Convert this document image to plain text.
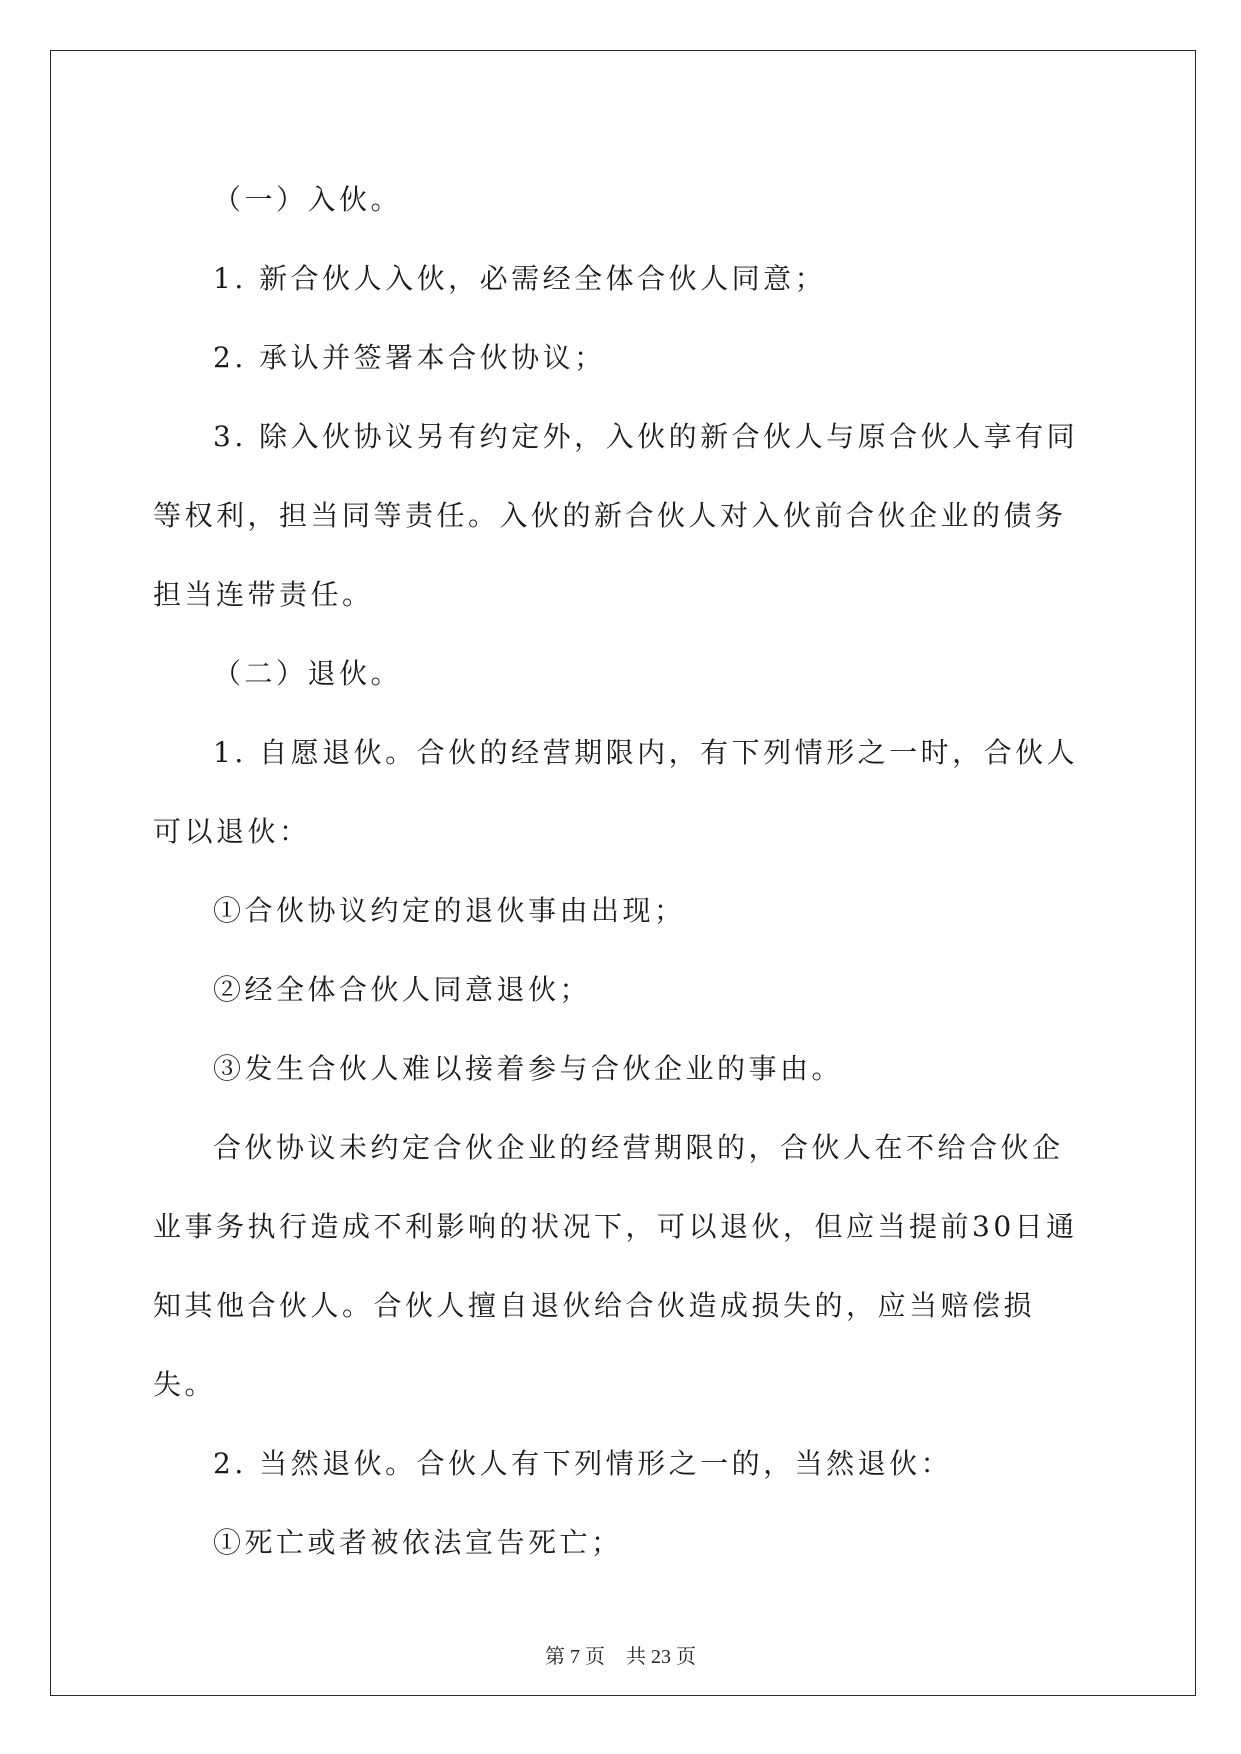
（一）入伙。

1. 新合伙人入伙，必需经全体合伙人同意；

2. 承认并签署本合伙协议；

3. 除入伙协议另有约定外，入伙的新合伙人与原合伙人享有同等权利，担当同等责任。入伙的新合伙人对入伙前合伙企业的债务担当连带责任。

（二）退伙。

1. 自愿退伙。合伙的经营期限内，有下列情形之一时，合伙人可以退伙：

①合伙协议约定的退伙事由出现；

②经全体合伙人同意退伙；

③发生合伙人难以接着参与合伙企业的事由。

合伙协议未约定合伙企业的经营期限的，合伙人在不给合伙企业事务执行造成不利影响的状况下，可以退伙，但应当提前30日通知其他合伙人。合伙人擅自退伙给合伙造成损失的，应当赔偿损失。

2. 当然退伙。合伙人有下列情形之一的，当然退伙：

①死亡或者被依法宣告死亡；

第 7 页 共 23 页
